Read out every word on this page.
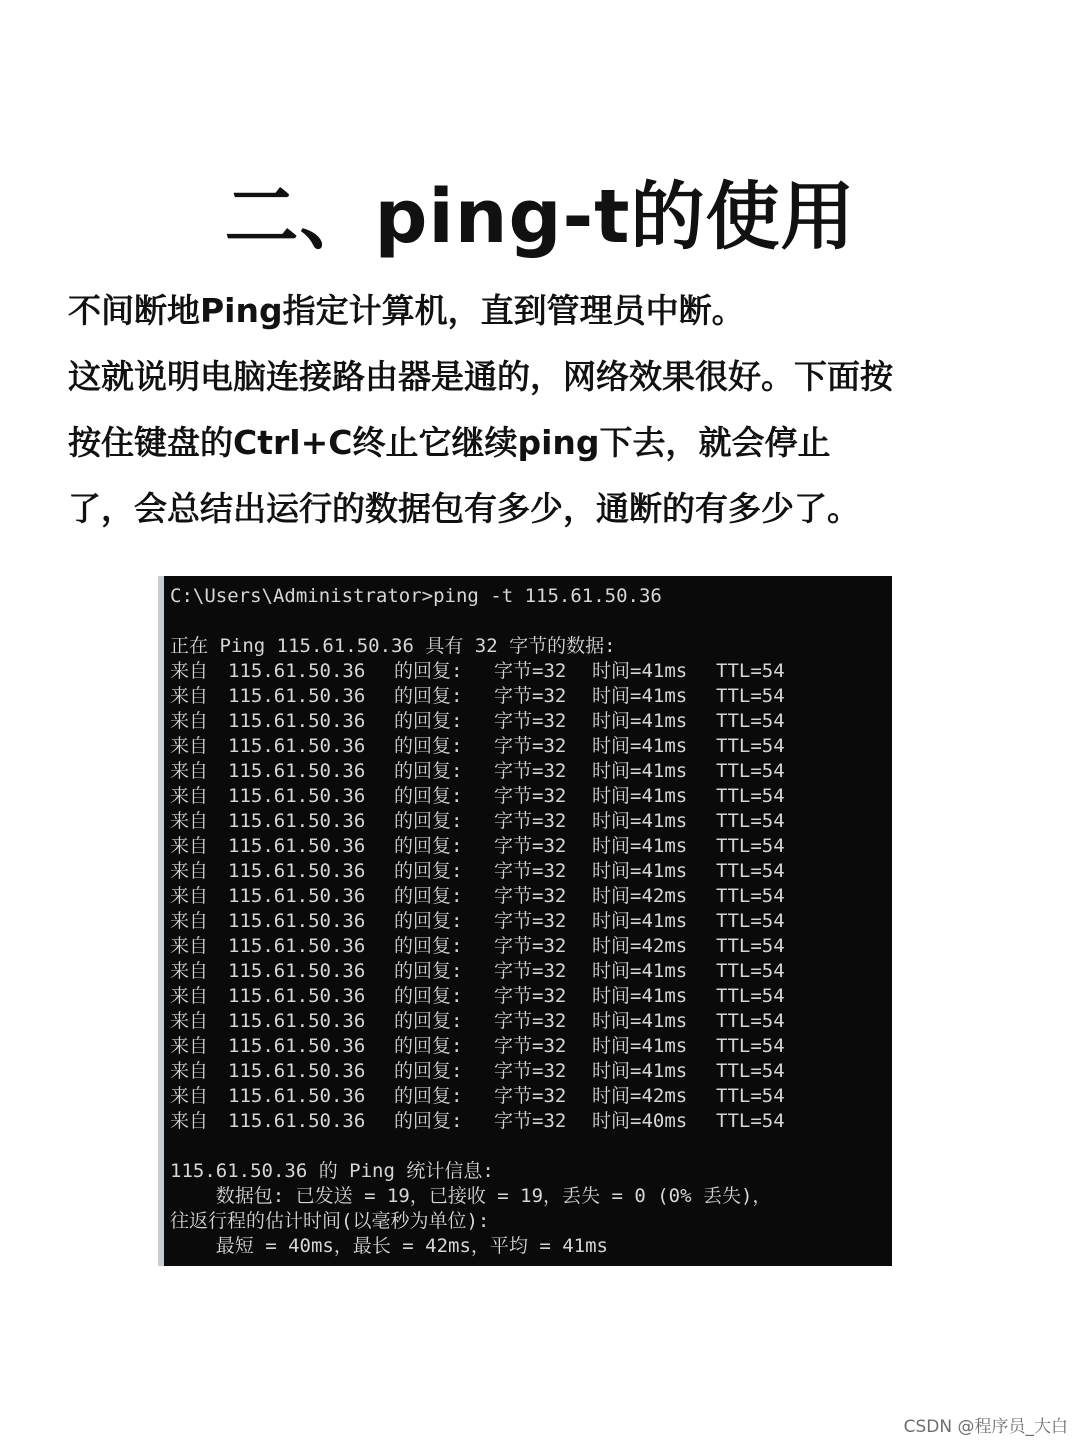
二、ping-t的使用
不间断地Ping指定计算机，直到管理员中断。
这就说明电脑连接路由器是通的，网络效果很好。下面按
按住键盘的Ctrl+C终止它继续ping下去，就会停止
了，会总结出运行的数据包有多少，通断的有多少了。
C:\Users\Administrator>ping -t 115.61.50.36
正在 Ping 115.61.50.36 具有 32 字节的数据:
来自	115.61.50.36	的回复:	字节=32	时间=41ms	TTL=54
来自	115.61.50.36	的回复:	字节=32	时间=41ms	TTL=54
来自	115.61.50.36	的回复:	字节=32	时间=41ms	TTL=54
来自	115.61.50.36	的回复:	字节=32	时间=41ms	TTL=54
来自	115.61.50.36	的回复:	字节=32	时间=41ms	TTL=54
来自	115.61.50.36	的回复:	字节=32	时间=41ms	TTL=54
来自	115.61.50.36	的回复:	字节=32	时间=41ms	TTL=54
来自	115.61.50.36	的回复:	字节=32	时间=41ms	TTL=54
来自	115.61.50.36	的回复:	字节=32	时间=41ms	TTL=54
来自	115.61.50.36	的回复:	字节=32	时间=42ms	TTL=54
来自	115.61.50.36	的回复:	字节=32	时间=41ms	TTL=54
来自	115.61.50.36	的回复:	字节=32	时间=42ms	TTL=54
来自	115.61.50.36	的回复:	字节=32	时间=41ms	TTL=54
来自	115.61.50.36	的回复:	字节=32	时间=41ms	TTL=54
来自	115.61.50.36	的回复:	字节=32	时间=41ms	TTL=54
来自	115.61.50.36	的回复:	字节=32	时间=41ms	TTL=54
来自	115.61.50.36	的回复:	字节=32	时间=41ms	TTL=54
来自	115.61.50.36	的回复:	字节=32	时间=42ms	TTL=54
来自	115.61.50.36	的回复:	字节=32	时间=40ms	TTL=54
115.61.50.36 的 Ping 统计信息:
数据包: 已发送 = 19，已接收 = 19，丢失 = 0 (0% 丢失)，
往返行程的估计时间(以毫秒为单位):
最短 = 40ms，最长 = 42ms，平均 = 41ms
CSDN @程序员_大白
